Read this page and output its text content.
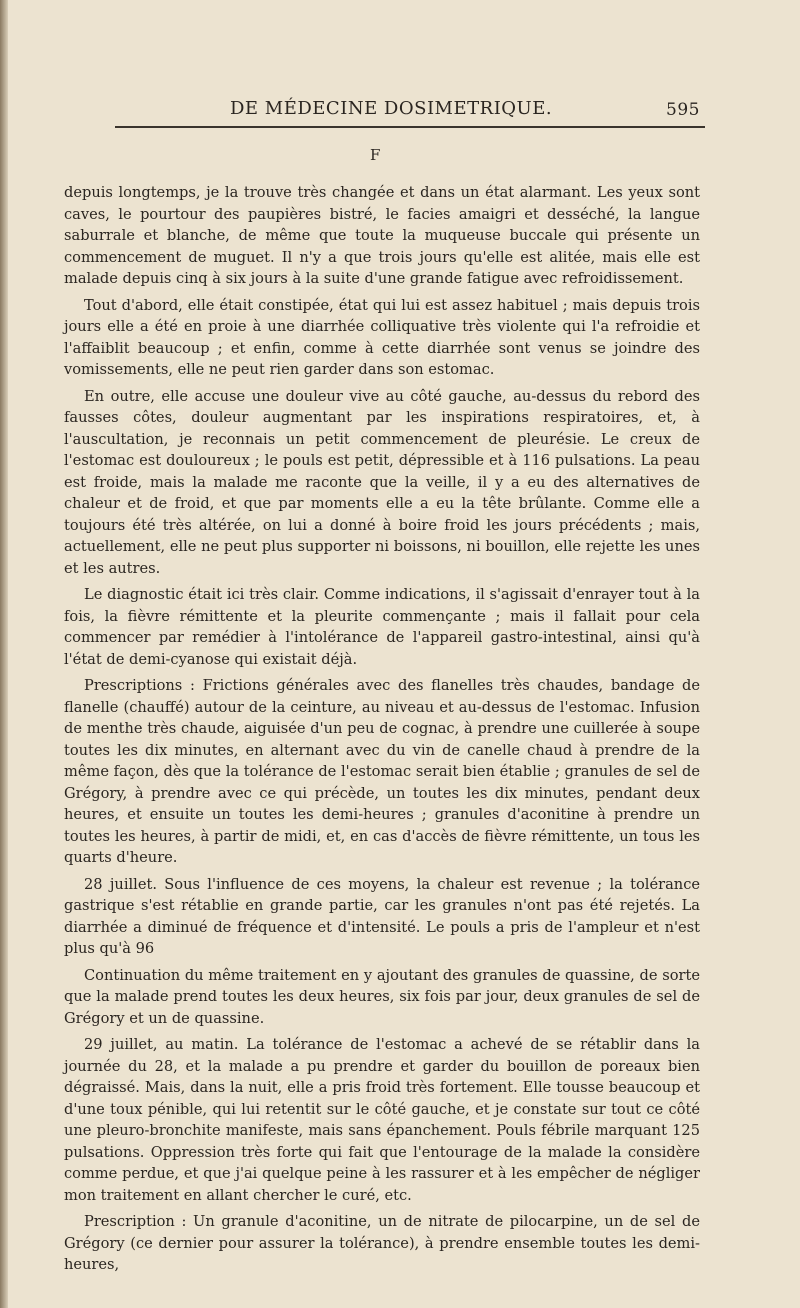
DE MÉDECINE DOSIMETRIQUE.	595
F

depuis longtemps, je la trouve très changée et dans un état alarmant. Les yeux sont caves, le pourtour des paupières bistré, le facies amaigri et desséché, la langue saburrale et blanche, de même que toute la muqueuse buccale qui présente un commencement de muguet. Il n'y a que trois jours qu'elle est alitée, mais elle est malade depuis cinq à six jours à la suite d'une grande fatigue avec refroidissement.

Tout d'abord, elle était constipée, état qui lui est assez habituel ; mais depuis trois jours elle a été en proie à une diarrhée colliquative très violente qui l'a refroidie et l'affaiblit beaucoup ; et enfin, comme à cette diarrhée sont venus se joindre des vomissements, elle ne peut rien garder dans son estomac.

En outre, elle accuse une douleur vive au côté gauche, au-dessus du rebord des fausses côtes, douleur augmentant par les inspirations respiratoires, et, à l'auscultation, je reconnais un petit commencement de pleurésie. Le creux de l'estomac est douloureux ; le pouls est petit, dépressible et à 116 pulsations. La peau est froide, mais la malade me raconte que la veille, il y a eu des alternatives de chaleur et de froid, et que par moments elle a eu la tête brûlante. Comme elle a toujours été très altérée, on lui a donné à boire froid les jours précédents ; mais, actuellement, elle ne peut plus supporter ni boissons, ni bouillon, elle rejette les unes et les autres.

Le diagnostic était ici très clair. Comme indications, il s'agissait d'enrayer tout à la fois, la fièvre rémittente et la pleurite commençante ; mais il fallait pour cela commencer par remédier à l'intolérance de l'appareil gastro-intestinal, ainsi qu'à l'état de demi-cyanose qui existait déjà.

Prescriptions : Frictions générales avec des flanelles très chaudes, bandage de flanelle (chauffé) autour de la ceinture, au niveau et au-dessus de l'estomac. Infusion de menthe très chaude, aiguisée d'un peu de cognac, à prendre une cuillerée à soupe toutes les dix minutes, en alternant avec du vin de canelle chaud à prendre de la même façon, dès que la tolérance de l'estomac serait bien établie ; granules de sel de Grégory, à prendre avec ce qui précède, un toutes les dix minutes, pendant deux heures, et ensuite un toutes les demi-heures ; granules d'aconitine à prendre un toutes les heures, à partir de midi, et, en cas d'accès de fièvre rémittente, un tous les quarts d'heure.

28 juillet. Sous l'influence de ces moyens, la chaleur est revenue ; la tolérance gastrique s'est rétablie en grande partie, car les granules n'ont pas été rejetés. La diarrhée a diminué de fréquence et d'intensité. Le pouls a pris de l'ampleur et n'est plus qu'à 96

Continuation du même traitement en y ajoutant des granules de quassine, de sorte que la malade prend toutes les deux heures, six fois par jour, deux granules de sel de Grégory et un de quassine.

29 juillet, au matin. La tolérance de l'estomac a achevé de se rétablir dans la journée du 28, et la malade a pu prendre et garder du bouillon de poreaux bien dégraissé. Mais, dans la nuit, elle a pris froid très fortement. Elle tousse beaucoup et d'une toux pénible, qui lui retentit sur le côté gauche, et je constate sur tout ce côté une pleuro-bronchite manifeste, mais sans épanchement. Pouls fébrile marquant 125 pulsations. Oppression très forte qui fait que l'entourage de la malade la considère comme perdue, et que j'ai quelque peine à les rassurer et à les empêcher de négliger mon traitement en allant chercher le curé, etc.

Prescription : Un granule d'aconitine, un de nitrate de pilocarpine, un de sel de Grégory (ce dernier pour assurer la tolérance), à prendre ensemble toutes les demi-heures,
